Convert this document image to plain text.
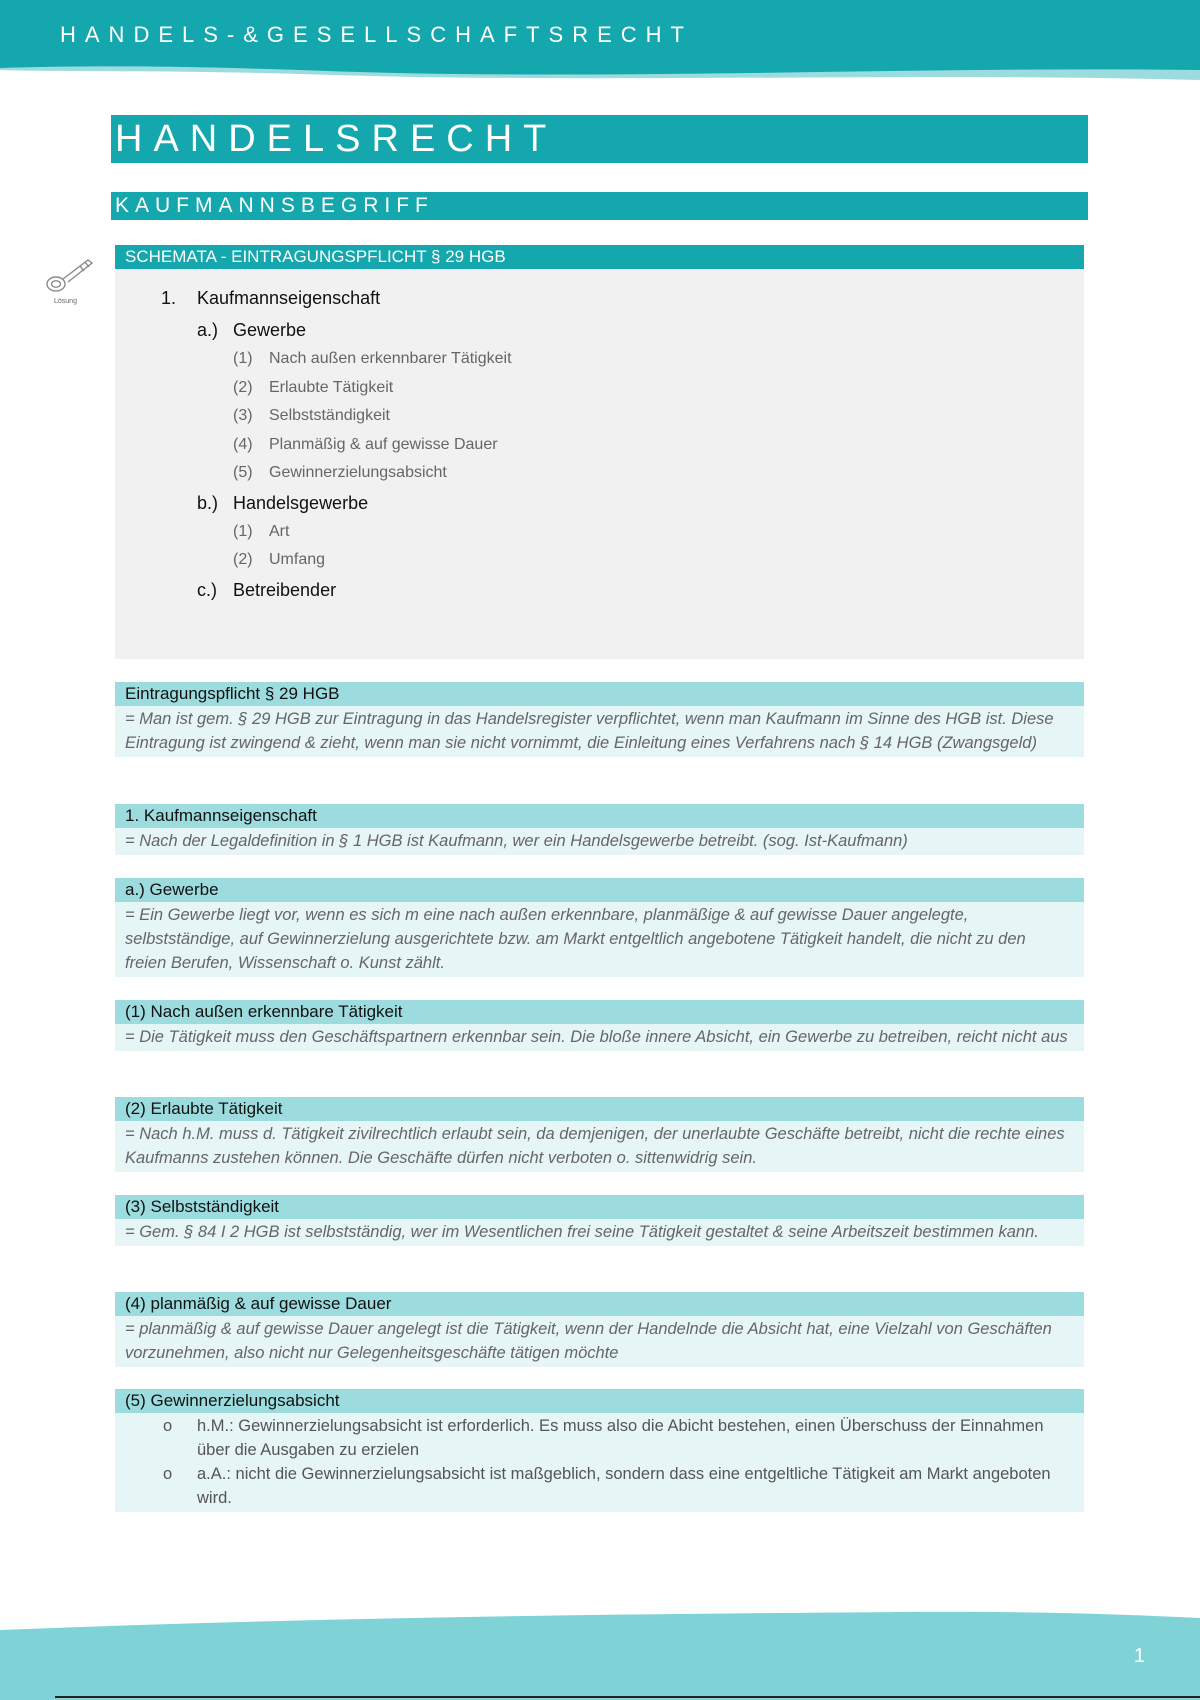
HANDELS-&GESELLSCHAFTSRECHT
HANDELSRECHT
KAUFMANNSBEGRIFF
Lösung
SCHEMATA - EINTRAGUNGSPFLICHT § 29 HGB
1. Kaufmannseigenschaft
a.) Gewerbe
(1) Nach außen erkennbarer Tätigkeit
(2) Erlaubte Tätigkeit
(3) Selbstständigkeit
(4) Planmäßig & auf gewisse Dauer
(5) Gewinnerzielungsabsicht
b.) Handelsgewerbe
(1) Art
(2) Umfang
c.) Betreibender
Eintragungspflicht § 29 HGB
= Man ist gem. § 29 HGB zur Eintragung in das Handelsregister verpflichtet, wenn man Kaufmann im Sinne des HGB ist. Diese Eintragung ist zwingend & zieht, wenn man sie nicht vornimmt, die Einleitung eines Verfahrens nach § 14 HGB (Zwangsgeld)
1. Kaufmannseigenschaft
= Nach der Legaldefinition in § 1 HGB ist Kaufmann, wer ein Handelsgewerbe betreibt. (sog. Ist-Kaufmann)
a.) Gewerbe
= Ein Gewerbe liegt vor, wenn es sich m eine nach außen erkennbare, planmäßige & auf gewisse Dauer angelegte, selbstständige, auf Gewinnerzielung ausgerichtete bzw. am Markt entgeltlich angebotene Tätigkeit handelt, die nicht zu den freien Berufen, Wissenschaft o. Kunst zählt.
(1) Nach außen erkennbare Tätigkeit
= Die Tätigkeit muss den Geschäftspartnern erkennbar sein. Die bloße innere Absicht, ein Gewerbe zu betreiben, reicht nicht aus
(2) Erlaubte Tätigkeit
= Nach h.M. muss d. Tätigkeit zivilrechtlich erlaubt sein, da demjenigen, der unerlaubte Geschäfte betreibt, nicht die rechte eines Kaufmanns zustehen können. Die Geschäfte dürfen nicht verboten o. sittenwidrig sein.
(3) Selbstständigkeit
= Gem. § 84 I 2 HGB ist selbstständig, wer im Wesentlichen frei seine Tätigkeit gestaltet & seine Arbeitszeit bestimmen kann.
(4) planmäßig & auf gewisse Dauer
= planmäßig & auf gewisse Dauer angelegt ist die Tätigkeit, wenn der Handelnde die Absicht hat, eine Vielzahl von Geschäften vorzunehmen, also nicht nur Gelegenheitsgeschäfte tätigen möchte
(5) Gewinnerzielungsabsicht
o h.M.: Gewinnerzielungsabsicht ist erforderlich. Es muss also die Abicht bestehen, einen Überschuss der Einnahmen über die Ausgaben zu erzielen
o a.A.: nicht die Gewinnerzielungsabsicht ist maßgeblich, sondern dass eine entgeltliche Tätigkeit am Markt angeboten wird.
1
